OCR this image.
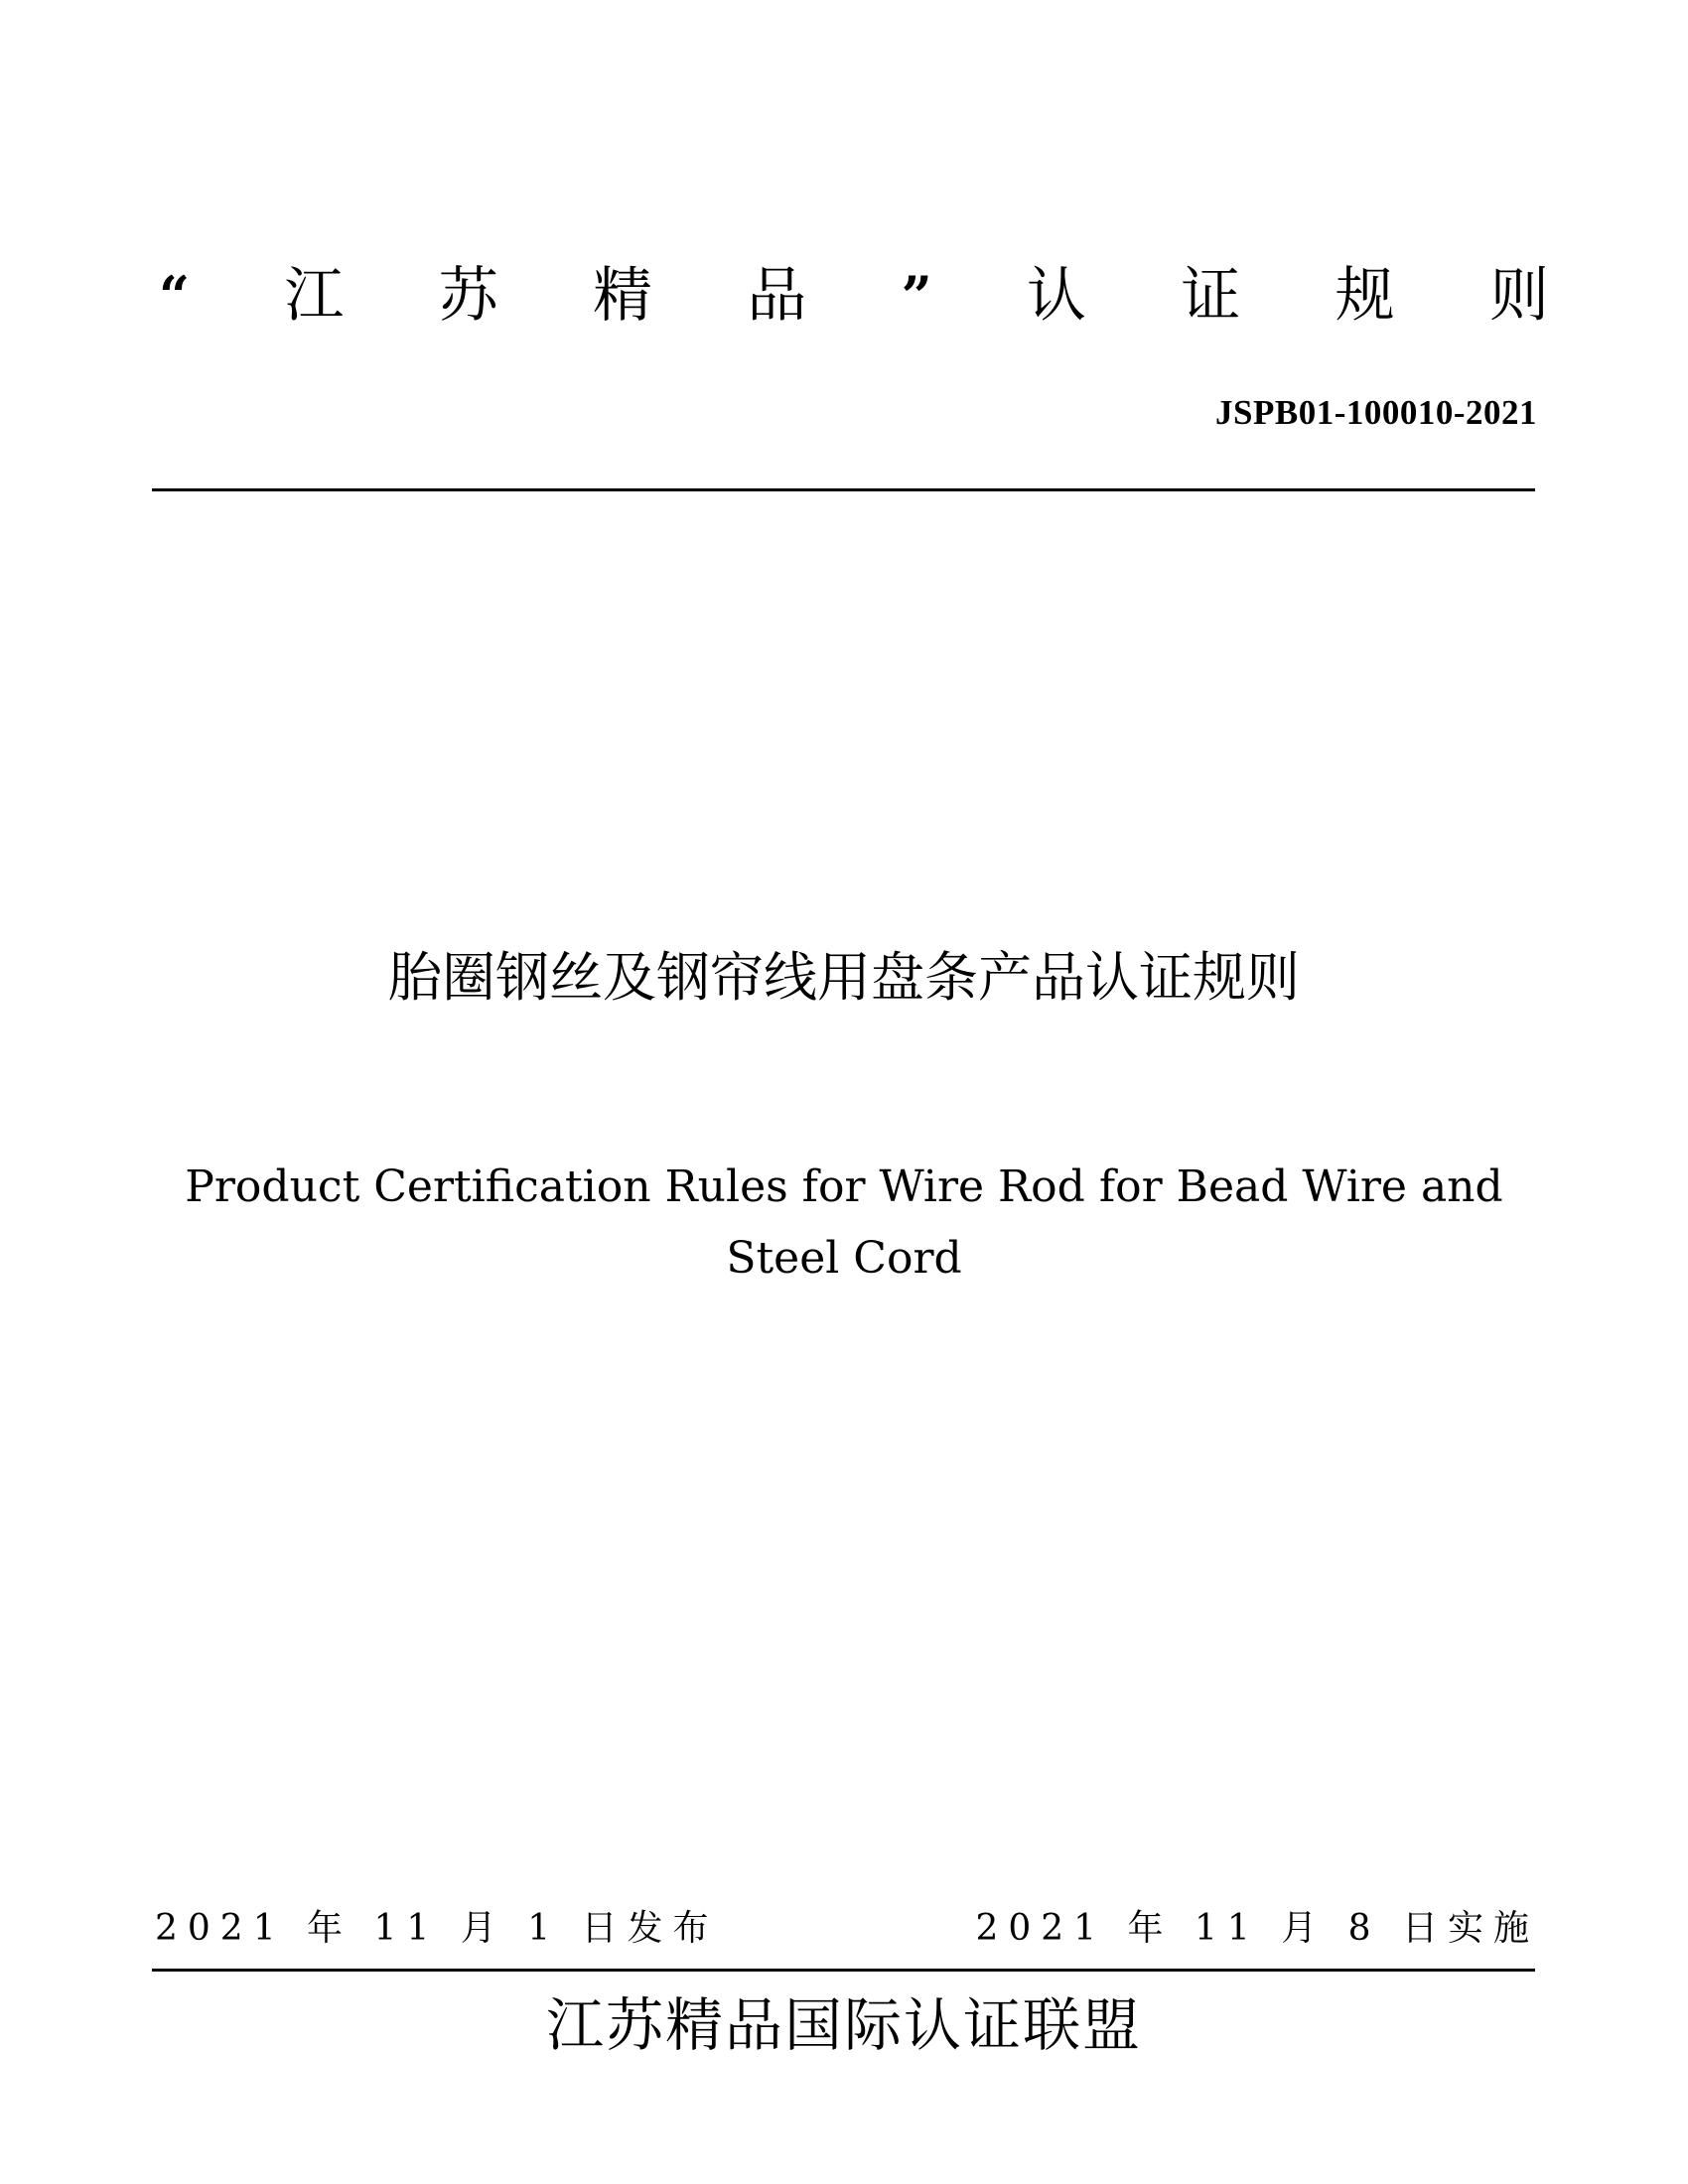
“ 江 苏 精 品 ” 认 证 规 则
JSPB01-100010-2021
胎圈钢丝及钢帘线用盘条产品认证规则
Product Certification Rules for Wire Rod for Bead Wire and Steel Cord
2021 年 11 月 1 日发布	2021 年 11 月 8 日实施
江苏精品国际认证联盟
